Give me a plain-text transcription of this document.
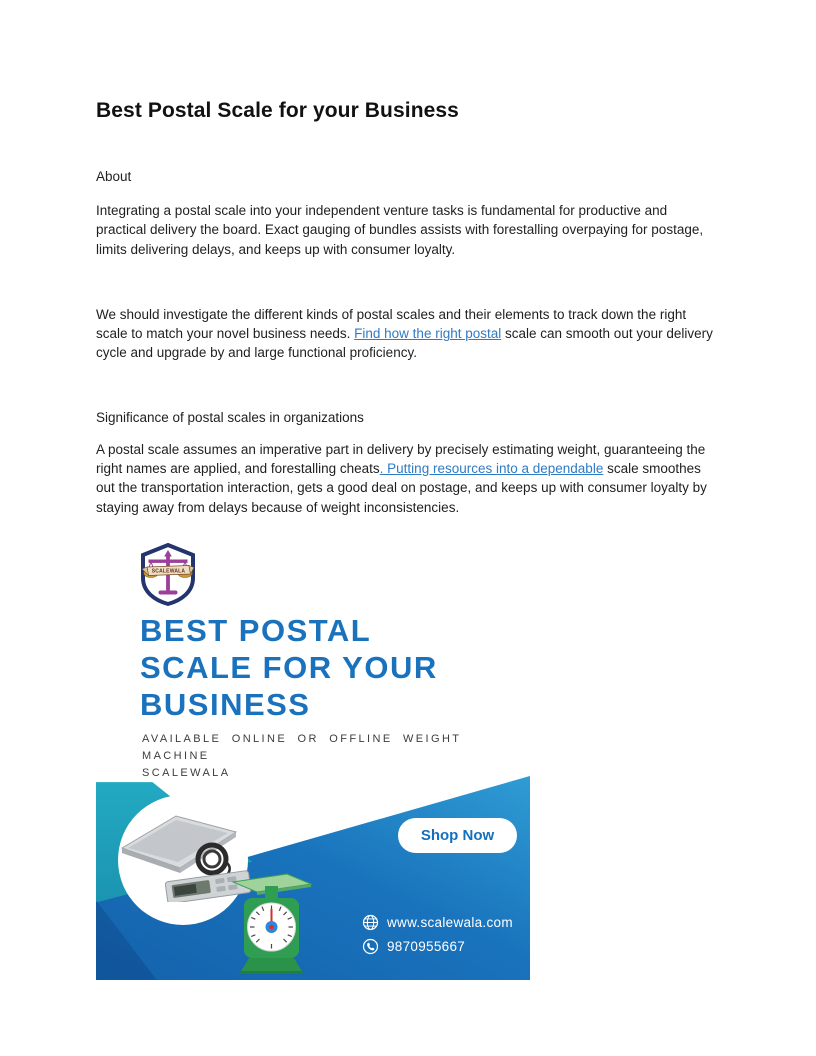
Best Postal Scale for your Business
About

Integrating a postal scale into your independent venture tasks is fundamental for productive and practical delivery the board. Exact gauging of bundles assists with forestalling overpaying for postage, limits delivering delays, and keeps up with consumer loyalty.

We should investigate the different kinds of postal scales and their elements to track down the right scale to match your novel business needs. Find how the right postal scale can smooth out your delivery cycle and upgrade by and large functional proficiency.

Significance of postal scales in organizations

A postal scale assumes an imperative part in delivery by precisely estimating weight, guaranteeing the right names are applied, and forestalling cheats. Putting resources into a dependable scale smoothes out the transportation interaction, gets a good deal on postage, and keeps up with consumer loyalty by staying away from delays because of weight inconsistencies.

SCALEWALA
BEST POSTAL
SCALE FOR YOUR
BUSINESS
AVAILABLE ONLINE OR OFFLINE WEIGHT MACHINE
SCALEWALA
Shop Now
www.scalewala.com
9870955667
